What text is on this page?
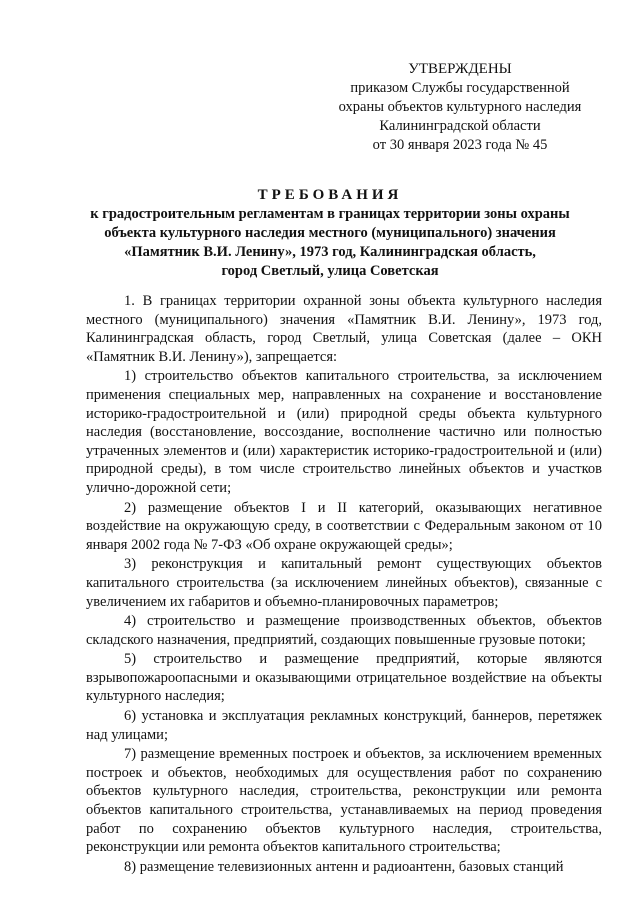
УТВЕРЖДЕНЫ
приказом Службы государственной
охраны объектов культурного наследия
Калининградской области
от 30 января 2023 года № 45
ТРЕБОВАНИЯ
к градостроительным регламентам в границах территории зоны охраны
объекта культурного наследия местного (муниципального) значения
«Памятник В.И. Ленину», 1973 год, Калининградская область,
город Светлый, улица Советская

1. В границах территории охранной зоны объекта культурного наследия местного (муниципального) значения «Памятник В.И. Ленину», 1973 год, Калининградская область, город Светлый, улица Советская (далее – ОКН «Памятник В.И. Ленину»), запрещается:

1) строительство объектов капитального строительства, за исключением применения специальных мер, направленных на сохранение и восстановление историко-градостроительной и (или) природной среды объекта культурного наследия (восстановление, воссоздание, восполнение частично или полностью утраченных элементов и (или) характеристик историко-градостроительной и (или) природной среды), в том числе строительство линейных объектов и участков улично-дорожной сети;

2) размещение объектов I и II категорий, оказывающих негативное воздействие на окружающую среду, в соответствии с Федеральным законом от 10 января 2002 года № 7-ФЗ «Об охране окружающей среды»;

3) реконструкция и капитальный ремонт существующих объектов капитального строительства (за исключением линейных объектов), связанные с увеличением их габаритов и объемно-планировочных параметров;

4) строительство и размещение производственных объектов, объектов складского назначения, предприятий, создающих повышенные грузовые потоки;

5) строительство и размещение предприятий, которые являются взрывопожароопасными и оказывающими отрицательное воздействие на объекты культурного наследия;

6) установка и эксплуатация рекламных конструкций, баннеров, перетяжек над улицами;

7) размещение временных построек и объектов, за исключением временных построек и объектов, необходимых для осуществления работ по сохранению объектов культурного наследия, строительства, реконструкции или ремонта объектов капитального строительства, устанавливаемых на период проведения работ по сохранению объектов культурного наследия, строительства, реконструкции или ремонта объектов капитального строительства;

8) размещение телевизионных антенн и радиоантенн, базовых станций
